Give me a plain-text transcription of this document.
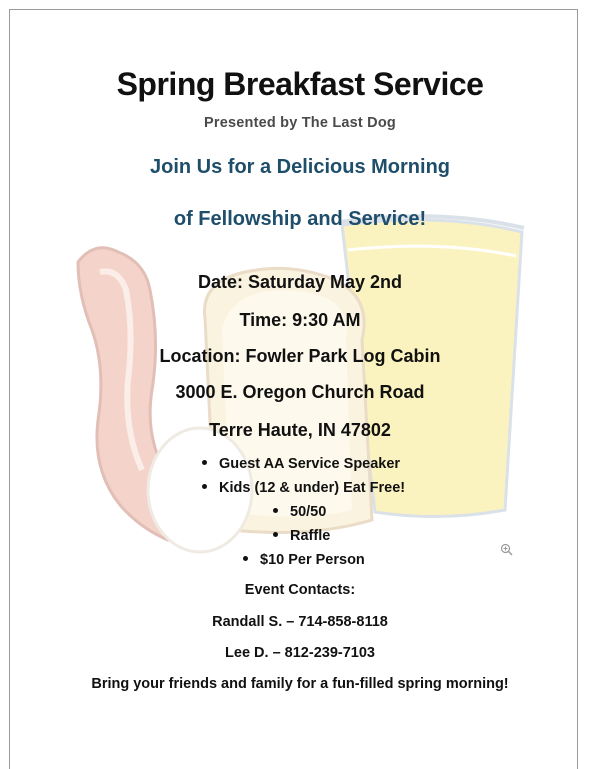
Spring Breakfast Service
Presented by The Last Dog
Join Us for a Delicious Morning
of Fellowship and Service!
Date: Saturday May 2nd
Time: 9:30 AM
Location: Fowler Park Log Cabin
3000 E. Oregon Church Road
Terre Haute, IN 47802
Guest AA Service Speaker
Kids (12 & under) Eat Free!
50/50
Raffle
$10 Per Person
Event Contacts:
Randall S. – 714-858-8118
Lee D. – 812-239-7103
Bring your friends and family for a fun-filled spring morning!
